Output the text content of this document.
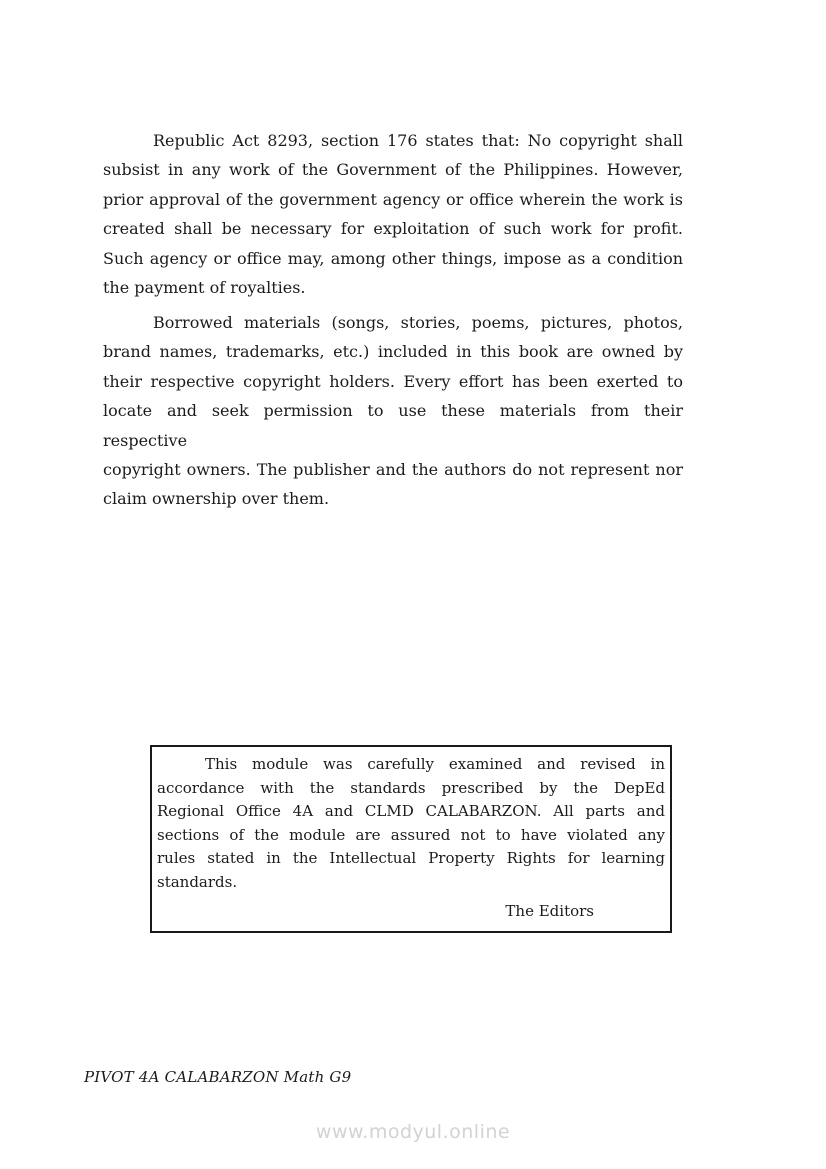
Republic Act 8293, section 176 states that: No copyright shall
subsist in any work of the Government of the Philippines. However,
prior approval of the government agency or office wherein the work is
created shall be necessary for exploitation of such work for profit.
Such agency or office may, among other things, impose as a condition
the payment of royalties.
Borrowed materials (songs, stories, poems, pictures, photos,
brand names, trademarks, etc.) included in this book are owned by
their respective copyright holders. Every effort has been exerted to
locate and seek permission to use these materials from their respective
copyright owners. The publisher and the authors do not represent nor
claim ownership over them.
This module was carefully examined and revised in
accordance with the standards prescribed by the DepEd
Regional Office 4A and CLMD CALABARZON. All parts and
sections of the module are assured not to have violated any
rules stated in the Intellectual Property Rights for learning
standards.
The Editors
PIVOT 4A CALABARZON Math G9
www.modyul.online
